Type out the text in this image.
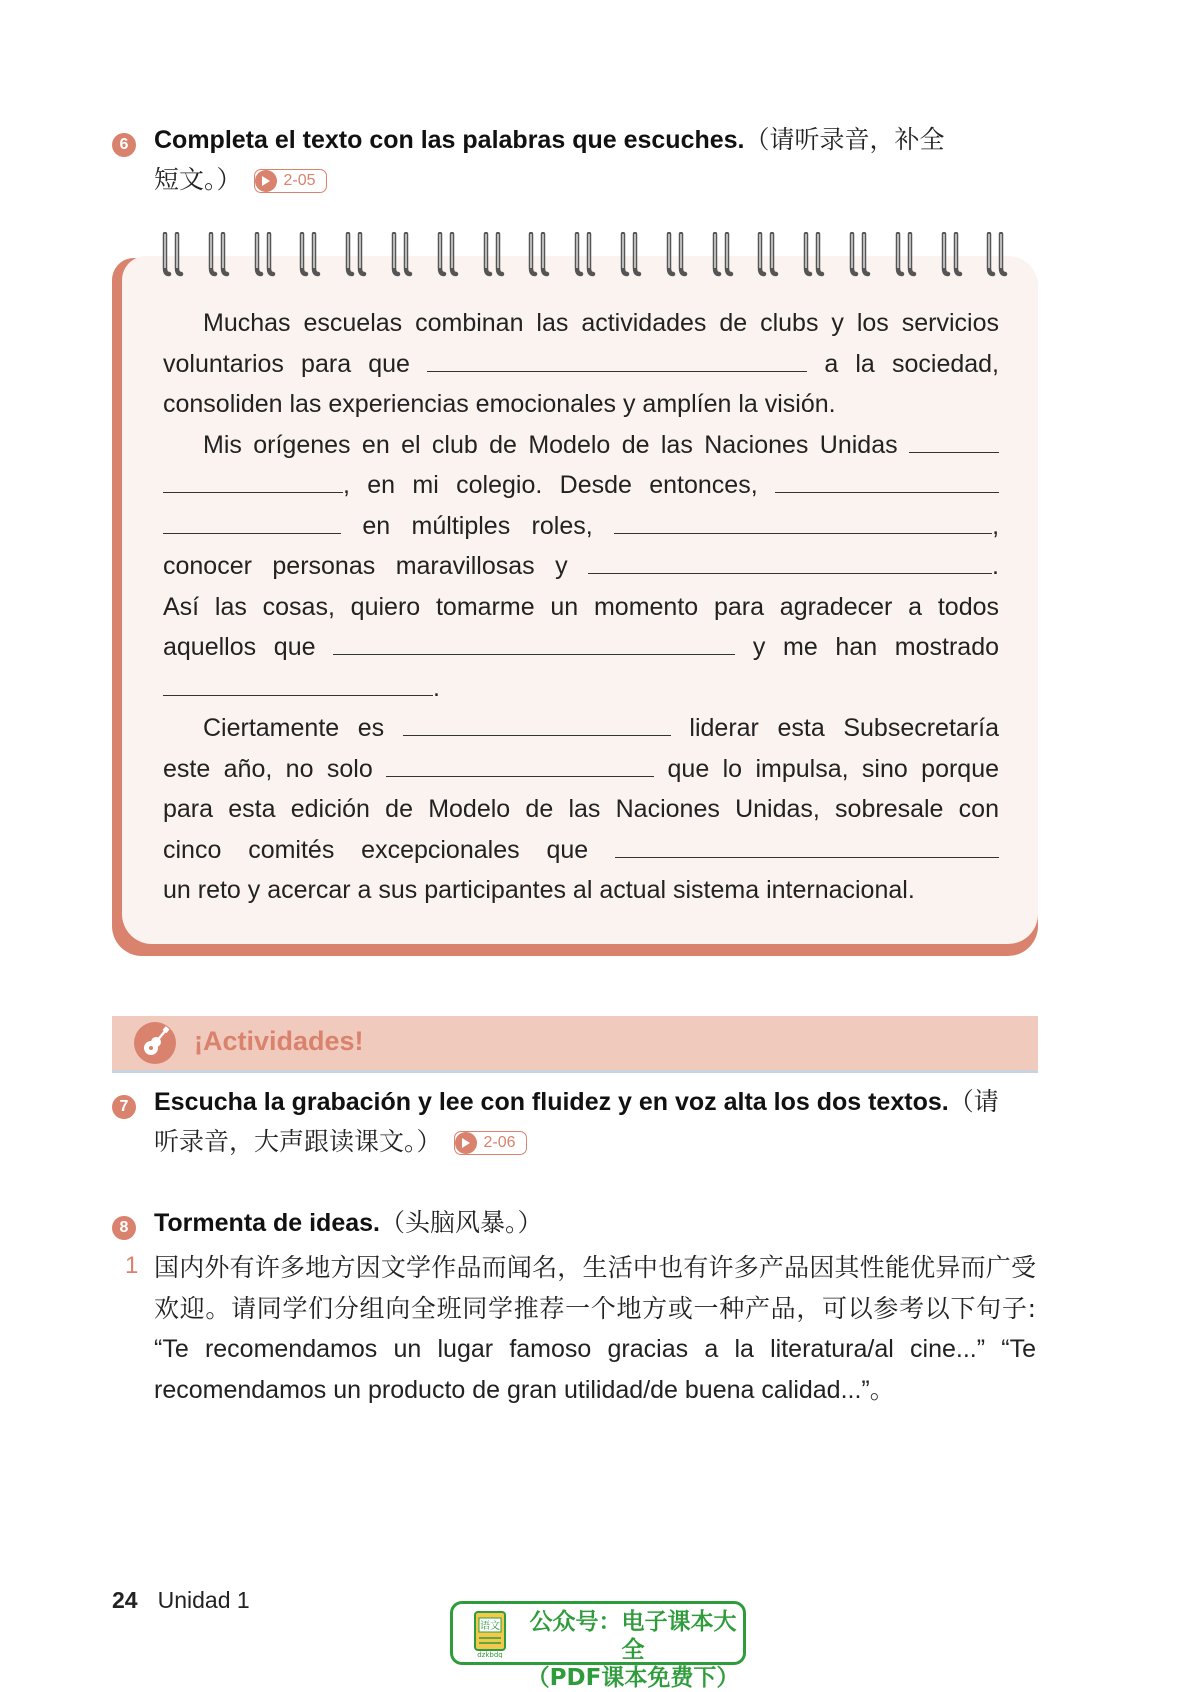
6	Completa el texto con las palabras que escuches.（请听录音，补全
短文。）	2-05

Muchas escuelas combinan las actividades de clubs y los servicios

voluntarios para que	a la sociedad,

consoliden las experiencias emocionales y amplíen la visión.

Mis orígenes en el club de Modelo de las Naciones Unidas

, en mi colegio. Desde entonces,

en múltiples roles,	,

conocer personas maravillosas y	.

Así las cosas, quiero tomarme un momento para agradecer a todos

aquellos que	y me han mostrado

.

Ciertamente es	liderar esta Subsecretaría

este año, no solo	que lo impulsa, sino porque

para esta edición de Modelo de las Naciones Unidas, sobresale con

cinco comités excepcionales que

un reto y acercar a sus participantes al actual sistema internacional.

¡Actividades!
7	Escucha la grabación y lee con fluidez y en voz alta los dos textos.（请
听录音，大声跟读课文。）	2-06
8	Tormenta de ideas.（头脑风暴。）
1 国内外有许多地方因文学作品而闻名，生活中也有许多产品因其性能优异而广受

欢迎。请同学们分组向全班同学推荐一个地方或一种产品，可以参考以下句子:

“Te recomendamos un lugar famoso gracias a la literatura/al cine...” “Te

recomendamos un producto de gran utilidad/de buena calidad...”。

24 Unidad 1
语文
dzkbdq
公众号：电子课本大全
（PDF课本免费下）
